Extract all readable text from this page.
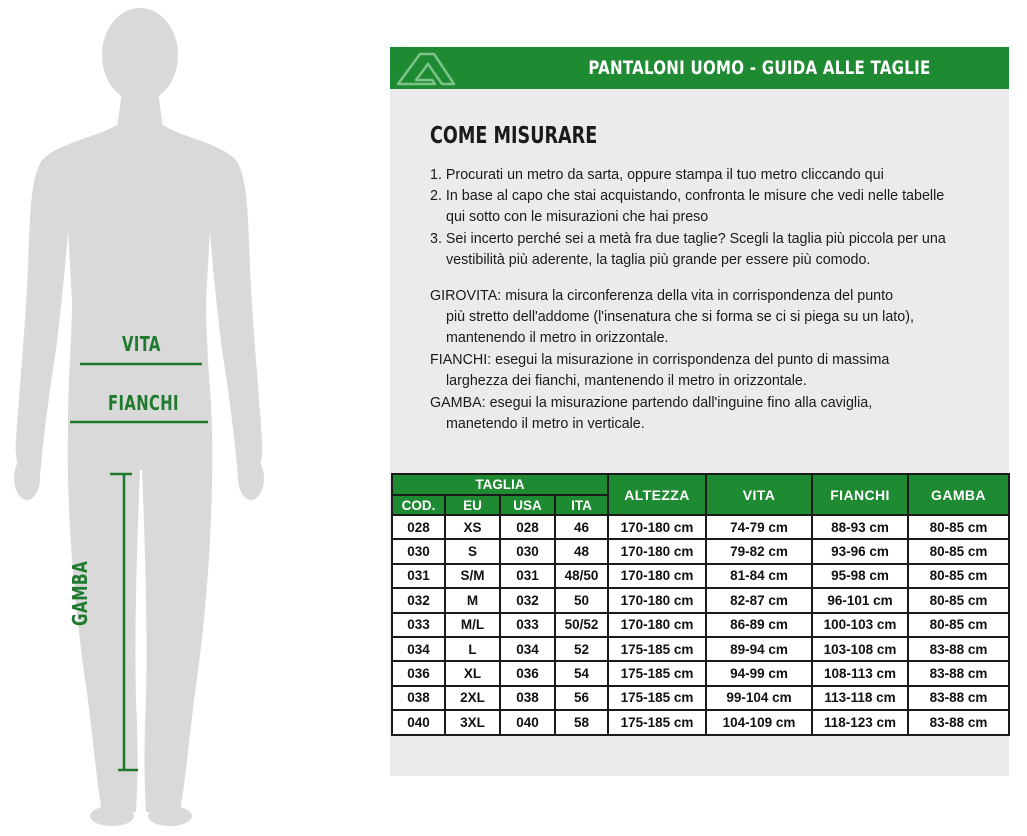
VITA
FIANCHI
GAMBA
PANTALONI UOMO - GUIDA ALLE TAGLIE
COME MISURARE
1. Procurati un metro da sarta, oppure stampa il tuo metro cliccando qui
2. In base al capo che stai acquistando, confronta le misure che vedi nelle tabelle
qui sotto con le misurazioni che hai preso
3. Sei incerto perché sei a metà fra due taglie? Scegli la taglia più piccola per una
vestibilità più aderente, la taglia più grande per essere più comodo.
GIROVITA: misura la circonferenza della vita in corrispondenza del punto
più stretto dell'addome (l'insenatura che si forma se ci si piega su un lato),
mantenendo il metro in orizzontale.
FIANCHI: esegui la misurazione in corrispondenza del punto di massima
larghezza dei fianchi, mantenendo il metro in orizzontale.
GAMBA: esegui la misurazione partendo dall'inguine fino alla caviglia,
manetendo il metro in verticale.
TAGLIA				ALTEZZA	VITA	FIANCHI	GAMBA
COD.	EU	USA	ITA				
028	XS	028	46	170-180 cm	74-79 cm	88-93 cm	80-85 cm
030	S	030	48	170-180 cm	79-82 cm	93-96 cm	80-85 cm
031	S/M	031	48/50	170-180 cm	81-84 cm	95-98 cm	80-85 cm
032	M	032	50	170-180 cm	82-87 cm	96-101 cm	80-85 cm
033	M/L	033	50/52	170-180 cm	86-89 cm	100-103 cm	80-85 cm
034	L	034	52	175-185 cm	89-94 cm	103-108 cm	83-88 cm
036	XL	036	54	175-185 cm	94-99 cm	108-113 cm	83-88 cm
038	2XL	038	56	175-185 cm	99-104 cm	113-118 cm	83-88 cm
040	3XL	040	58	175-185 cm	104-109 cm	118-123 cm	83-88 cm
